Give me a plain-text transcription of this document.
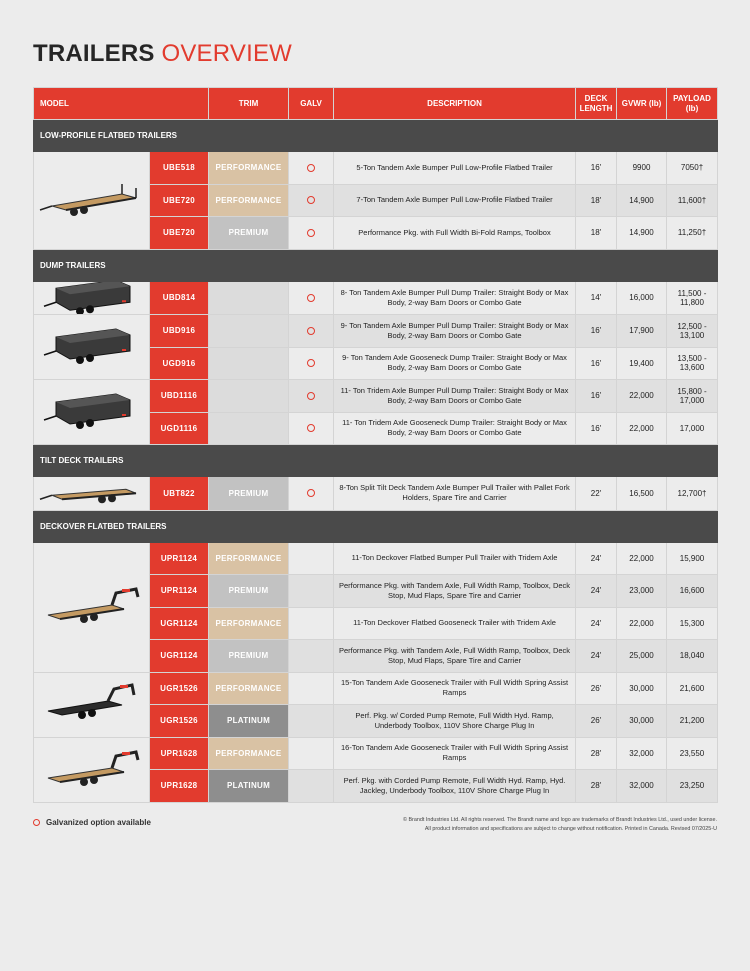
TRAILERS OVERVIEW
MODEL		TRIM	GALV	DESCRIPTION	DECK LENGTH	GVWR (lb)	PAYLOAD (lb)
LOW-PROFILE FLATBED TRAILERS							

	UBE518	PERFORMANCE		5-Ton Tandem Axle Bumper Pull Low-Profile Flatbed Trailer	16'	9900	7050†
	UBE720	PERFORMANCE		7-Ton Tandem Axle Bumper Pull Low-Profile Flatbed Trailer	18'	14,900	11,600†
	UBE720	PREMIUM		Performance Pkg. with Full Width Bi-Fold Ramps, Toolbox	18'	14,900	11,250†
DUMP TRAILERS							

	UBD814			8- Ton Tandem Axle Bumper Pull Dump Trailer: Straight Body or Max Body, 2-way Barn Doors or Combo Gate	14'	16,000	11,500 - 11,800

	UBD916			9- Ton Tandem Axle Bumper Pull Dump Trailer: Straight Body or Max Body, 2-way Barn Doors or Combo Gate	16'	17,900	12,500 - 13,100
	UGD916			9- Ton Tandem Axle Gooseneck Dump Trailer: Straight Body or Max Body, 2-way Barn Doors or Combo Gate	16'	19,400	13,500 - 13,600

	UBD1116			11- Ton Tridem Axle Bumper Pull Dump Trailer: Straight Body or Max Body, 2-way Barn Doors or Combo Gate	16'	22,000	15,800 - 17,000
	UGD1116			11- Ton Tridem Axle Gooseneck Dump Trailer: Straight Body or Max Body, 2-way Barn Doors or Combo Gate	16'	22,000	17,000
TILT DECK TRAILERS							

	UBT822	PREMIUM		8-Ton Split Tilt Deck Tandem Axle Bumper Pull Trailer with Pallet Fork Holders, Spare Tire and Carrier	22'	16,500	12,700†
DECKOVER FLATBED TRAILERS							

	UPR1124	PERFORMANCE		11-Ton Deckover Flatbed Bumper Pull Trailer with Tridem Axle	24'	22,000	15,900
	UPR1124	PREMIUM		Performance Pkg. with Tandem Axle, Full Width Ramp, Toolbox, Deck Stop, Mud Flaps, Spare Tire and Carrier	24'	23,000	16,600
	UGR1124	PERFORMANCE		11-Ton Deckover Flatbed Gooseneck Trailer with Tridem Axle	24'	22,000	15,300
	UGR1124	PREMIUM		Performance Pkg. with Tandem Axle, Full Width Ramp, Toolbox, Deck Stop, Mud Flaps, Spare Tire and Carrier	24'	25,000	18,040

	UGR1526	PERFORMANCE		15-Ton Tandem Axle Gooseneck Trailer with Full Width Spring Assist Ramps	26'	30,000	21,600
	UGR1526	PLATINUM		Perf. Pkg. w/ Corded Pump Remote, Full Width Hyd. Ramp, Underbody Toolbox, 110V Shore Charge Plug In	26'	30,000	21,200

	UPR1628	PERFORMANCE		16-Ton Tandem Axle Gooseneck Trailer with Full Width Spring Assist Ramps	28'	32,000	23,550
	UPR1628	PLATINUM		Perf. Pkg. with Corded Pump Remote, Full Width Hyd. Ramp, Hyd. Jackleg, Underbody Toolbox, 110V Shore Charge Plug In	28'	32,000	23,250
Galvanized option available	© Brandt Industries Ltd. All rights reserved. The Brandt name and logo are trademarks of Brandt Industries Ltd., used under license.
All product information and specifications are subject to change without notification. Printed in Canada. Revised 07/2025-U
